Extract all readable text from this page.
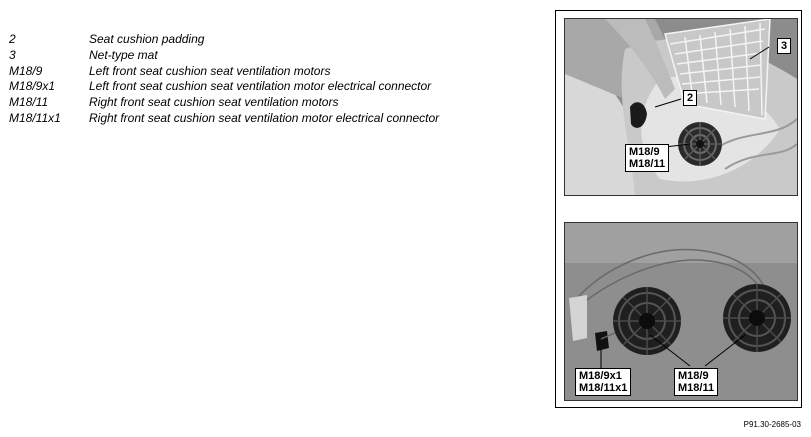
2	Seat cushion padding
3	Net-type mat
M18/9	Left front seat cushion seat ventilation motors
M18/9x1	Left front seat cushion seat ventilation motor electrical connector
M18/11	Right front seat cushion seat ventilation motors
M18/11x1 Right front seat cushion seat ventilation motor electrical connector
3
2
M18/9
M18/11
M18/9x1
M18/11x1
M18/9
M18/11
P91.30-2685-03
